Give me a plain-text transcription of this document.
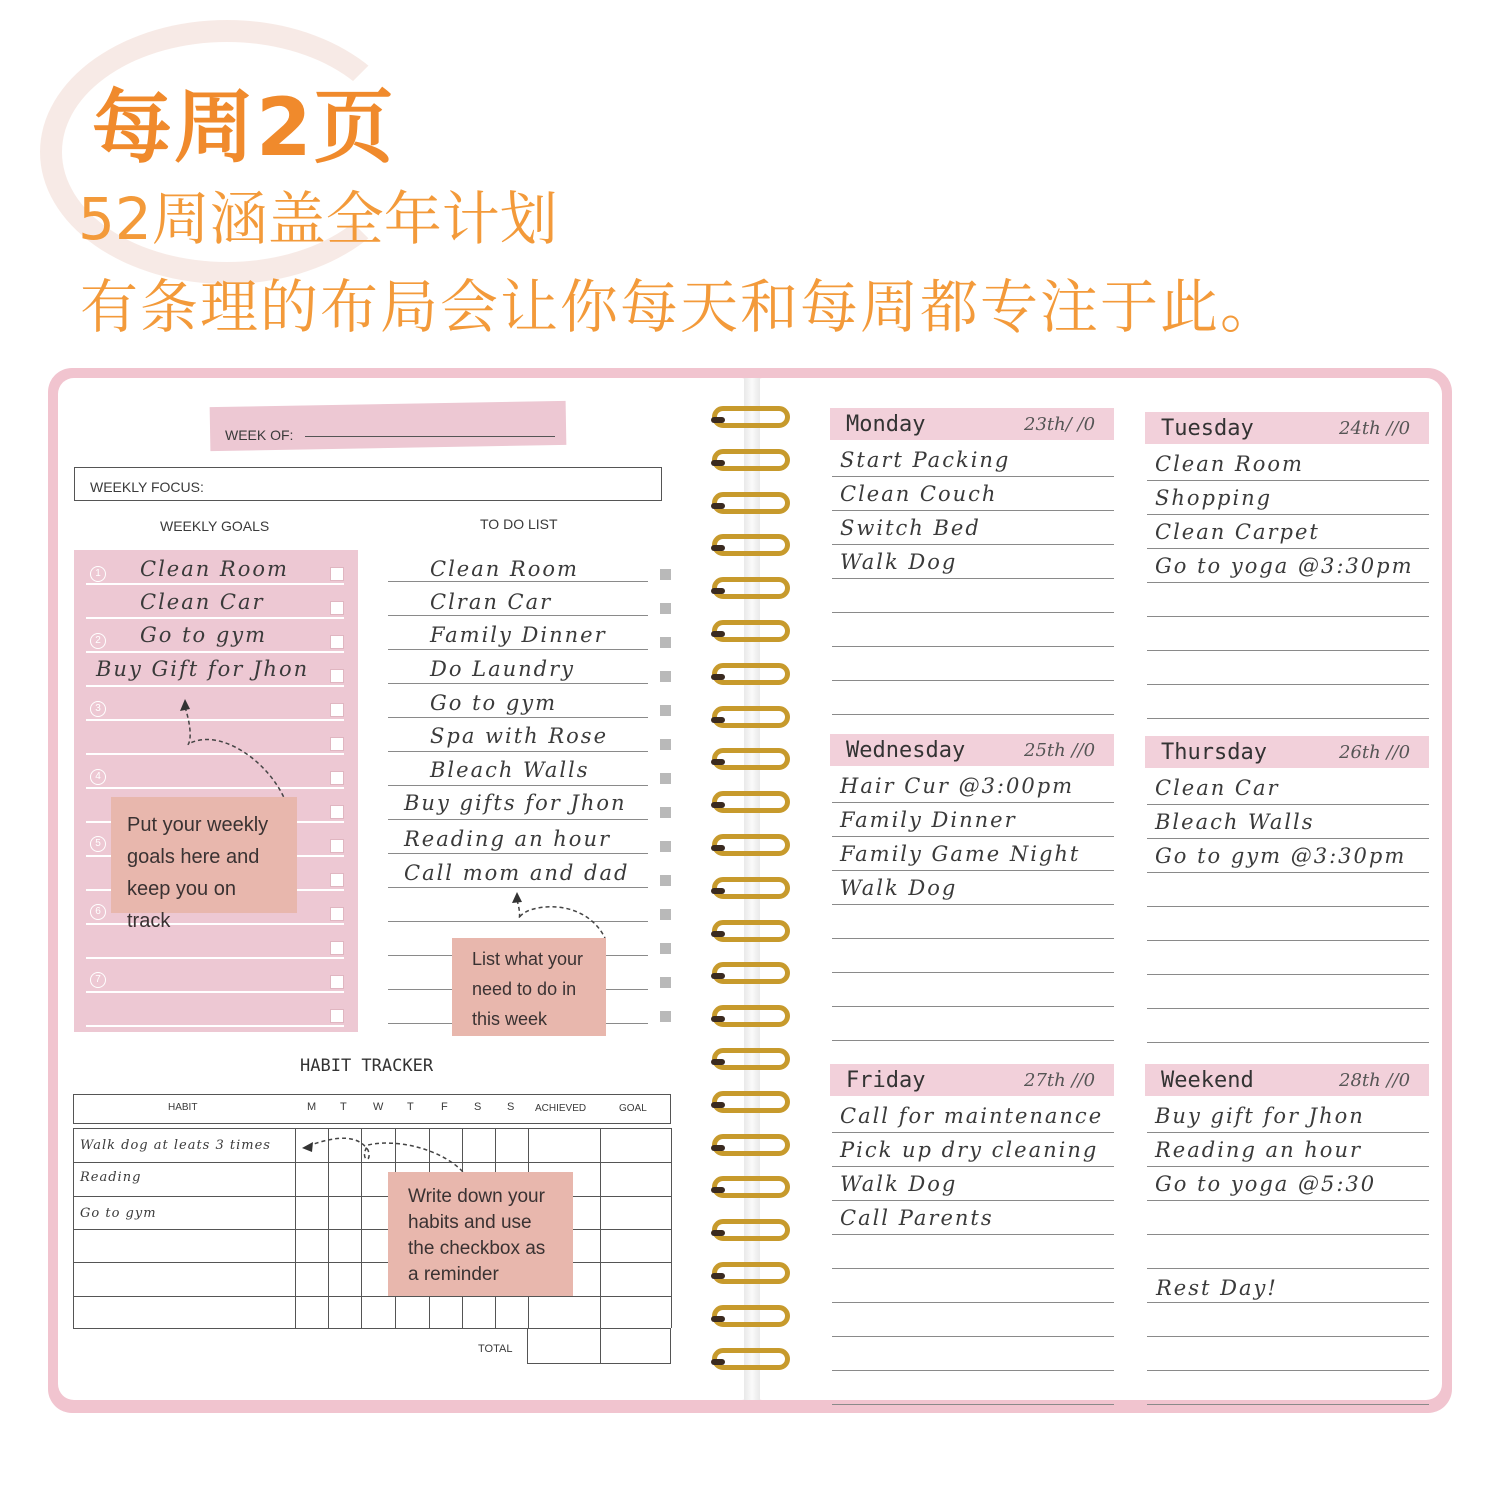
每周2页
52周涵盖全年计划
有条理的布局会让你每天和每周都专注于此。
WEEK OF:
WEEKLY FOCUS:
WEEKLY GOALS	TO DO LIST
1
2
3
4
5
6
7
Clean Room
Clean Car
Go to gym
Buy Gift for Jhon
Put your weekly goals here and keep you on track
Clean Room
Clran Car
Family Dinner
Do Laundry
Go to gym
Spa with Rose
Bleach Walls
Buy gifts for Jhon
Reading an hour
Call mom and dad
List what your need to do in this week
HABIT TRACKER
HABIT	M T W T F S S ACHIEVED	GOAL
Walk dog at leats 3 times
Reading
Go to gym
Write down your habits and use the checkbox as a reminder
TOTAL
Monday	23th/ /0
Start Packing
Clean Couch
Switch Bed
Walk Dog
Tuesday	24th //0
Clean Room
Shopping
Clean Carpet
Go to yoga @3:30pm
Wednesday	25th //0
Hair Cur @3:00pm
Family Dinner
Family Game Night
Walk Dog
Thursday	26th //0
Clean Car
Bleach Walls
Go to gym @3:30pm
Friday	27th //0
Call for maintenance
Pick up dry cleaning
Walk Dog
Call Parents
Weekend	28th //0
Buy gift for Jhon
Reading an hour
Go to yoga @5:30
Rest Day!
